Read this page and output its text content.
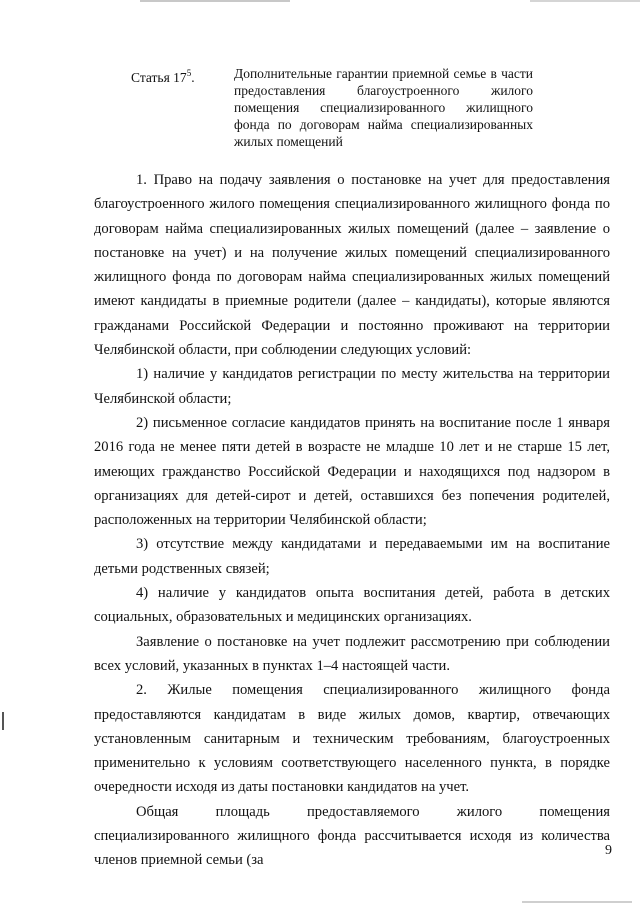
Статья $17^5$.	Дополнительные гарантии приемной семье в части предоставления благоустроенного жилого помещения специализированного жилищного фонда по договорам найма специализированных жилых помещений

1. Право на подачу заявления о постановке на учет для предоставления благоустроенного жилого помещения специализированного жилищного фонда по договорам найма специализированных жилых помещений (далее – заявление о постановке на учет) и на получение жилых помещений специализированного жилищного фонда по договорам найма специализированных жилых помещений имеют кандидаты в приемные родители (далее – кандидаты), которые являются гражданами Российской Федерации и постоянно проживают на территории Челябинской области, при соблюдении следующих условий:

1) наличие у кандидатов регистрации по месту жительства на территории Челябинской области;

2) письменное согласие кандидатов принять на воспитание после 1 января 2016 года не менее пяти детей в возрасте не младше 10 лет и не старше 15 лет, имеющих гражданство Российской Федерации и находящихся под надзором в организациях для детей-сирот и детей, оставшихся без попечения родителей, расположенных на территории Челябинской области;

3) отсутствие между кандидатами и передаваемыми им на воспитание детьми родственных связей;

4) наличие у кандидатов опыта воспитания детей, работа в детских социальных, образовательных и медицинских организациях.

Заявление о постановке на учет подлежит рассмотрению при соблюдении всех условий, указанных в пунктах 1–4 настоящей части.

2. Жилые помещения специализированного жилищного фонда предоставляются кандидатам в виде жилых домов, квартир, отвечающих установленным санитарным и техническим требованиям, благоустроенных применительно к условиям соответствующего населенного пункта, в порядке очередности исходя из даты постановки кандидатов на учет.

Общая площадь предоставляемого жилого помещения специализированного жилищного фонда рассчитывается исходя из количества членов приемной семьи (за

9
